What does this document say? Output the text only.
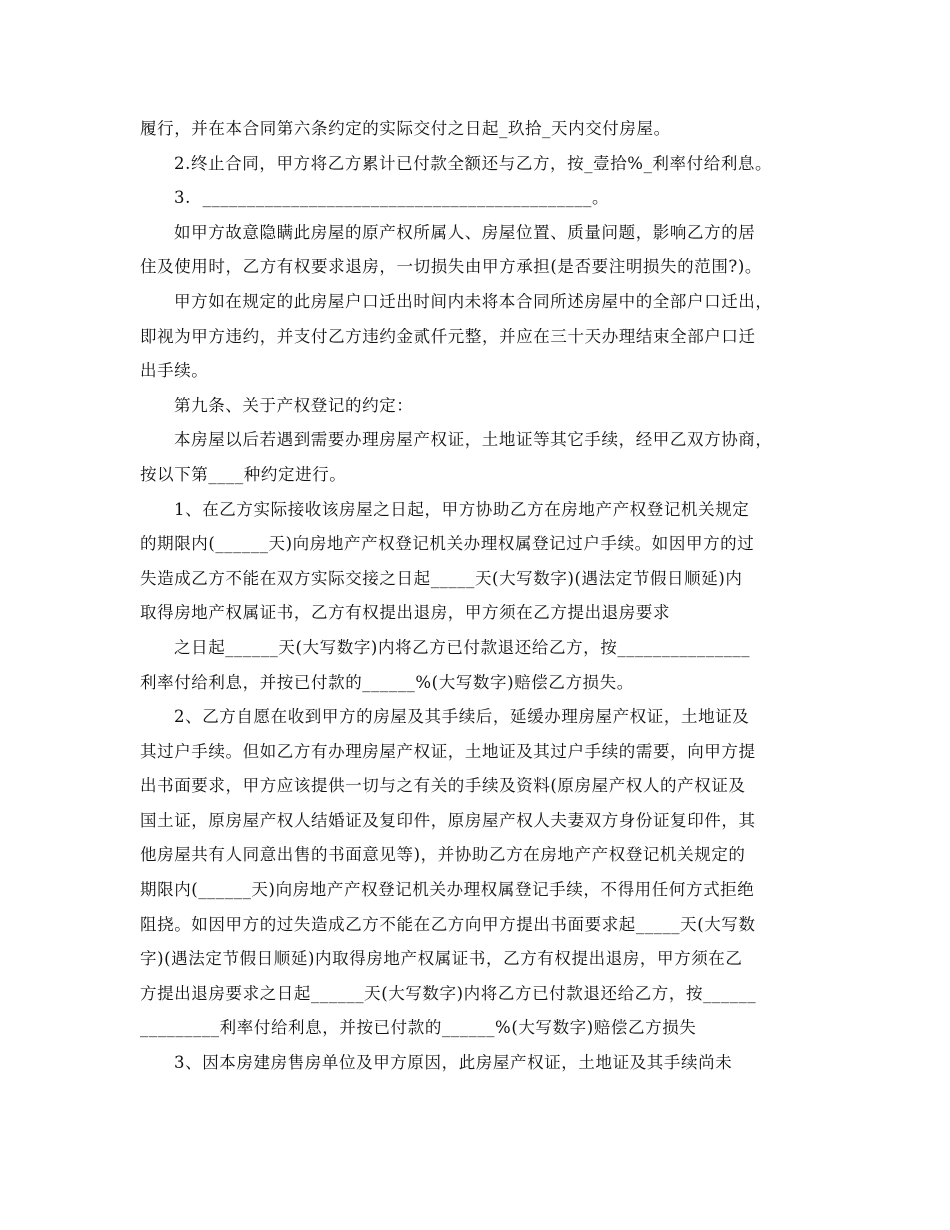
履行，并在本合同第六条约定的实际交付之日起_玖拾_天内交付房屋。
2.终止合同，甲方将乙方累计已付款全额还与乙方，按_壹拾%_利率付给利息。
3.  ____________________________________________。
如甲方故意隐瞒此房屋的原产权所属人、房屋位置、质量问题，影响乙方的居
住及使用时，乙方有权要求退房，一切损失由甲方承担(是否要注明损失的范围?)。
甲方如在规定的此房屋户口迁出时间内未将本合同所述房屋中的全部户口迁出，
即视为甲方违约，并支付乙方违约金贰仟元整，并应在三十天办理结束全部户口迁
出手续。
第九条、关于产权登记的约定：
本房屋以后若遇到需要办理房屋产权证，土地证等其它手续，经甲乙双方协商，
按以下第____种约定进行。
1、在乙方实际接收该房屋之日起，甲方协助乙方在房地产产权登记机关规定
的期限内(______天)向房地产产权登记机关办理权属登记过户手续。如因甲方的过
失造成乙方不能在双方实际交接之日起_____天(大写数字)(遇法定节假日顺延)内
取得房地产权属证书，乙方有权提出退房，甲方须在乙方提出退房要求
之日起______天(大写数字)内将乙方已付款退还给乙方，按_______________
利率付给利息，并按已付款的______%(大写数字)赔偿乙方损失。
2、乙方自愿在收到甲方的房屋及其手续后，延缓办理房屋产权证，土地证及
其过户手续。但如乙方有办理房屋产权证，土地证及其过户手续的需要，向甲方提
出书面要求，甲方应该提供一切与之有关的手续及资料(原房屋产权人的产权证及
国土证，原房屋产权人结婚证及复印件，原房屋产权人夫妻双方身份证复印件，其
他房屋共有人同意出售的书面意见等)，并协助乙方在房地产产权登记机关规定的
期限内(______天)向房地产产权登记机关办理权属登记手续，不得用任何方式拒绝
阻挠。如因甲方的过失造成乙方不能在乙方向甲方提出书面要求起_____天(大写数
字)(遇法定节假日顺延)内取得房地产权属证书，乙方有权提出退房，甲方须在乙
方提出退房要求之日起______天(大写数字)内将乙方已付款退还给乙方，按______
_________利率付给利息，并按已付款的______%(大写数字)赔偿乙方损失
3、因本房建房售房单位及甲方原因，此房屋产权证，土地证及其手续尚未
